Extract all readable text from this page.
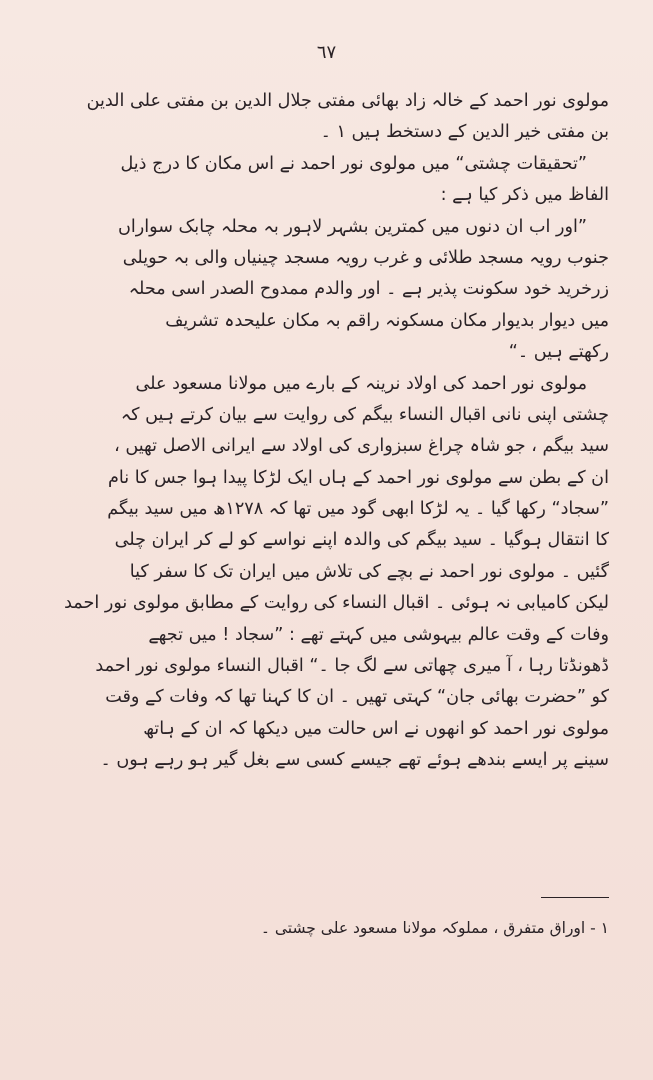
٦٧
مولوی نور احمد کے خالہ زاد بھائی مفتی جلال الدین بن مفتی علی الدین
بن مفتی خیر الدین کے دستخط ہیں ۱ ۔
”تحقیقات چشتی“ میں مولوی نور احمد نے اس مکان کا درج ذیل
الفاظ میں ذکر کیا ہے :
”اور اب ان دنوں میں کمترین بشہر لاہور بہ محلہ چابک سواراں
جنوب رویہ مسجد طلائی و غرب رویہ مسجد چینیاں والی بہ حویلی
زرخرید خود سکونت پذیر ہے ۔ اور والدم ممدوح الصدر اسی محلہ
میں دیوار بدیوار مکان مسکونہ راقم بہ مکان علیحدہ تشریف
رکھتے ہیں ۔“
مولوی نور احمد کی اولاد نرینہ کے بارے میں مولانا مسعود علی
چشتی اپنی نانی اقبال النساء بیگم کی روایت سے بیان کرتے ہیں کہ
سید بیگم ، جو شاہ چراغ سبزواری کی اولاد سے ایرانی الاصل تھیں ،
ان کے بطن سے مولوی نور احمد کے ہاں ایک لڑکا پیدا ہوا جس کا نام
”سجاد“ رکھا گیا ۔ یہ لڑکا ابھی گود میں تھا کہ ۱۲۷۸ھ میں سید بیگم
کا انتقال ہوگیا ۔ سید بیگم کی والدہ اپنے نواسے کو لے کر ایران چلی
گئیں ۔ مولوی نور احمد نے بچے کی تلاش میں ایران تک کا سفر کیا
لیکن کامیابی نہ ہوئی ۔ اقبال النساء کی روایت کے مطابق مولوی نور احمد
وفات کے وقت عالم بیہوشی میں کہتے تھے : ”سجاد ! میں تجھے
ڈھونڈتا رہا ، آ میری چھاتی سے لگ جا ۔“ اقبال النساء مولوی نور احمد
کو ”حضرت بھائی جان“ کہتی تھیں ۔ ان کا کہنا تھا کہ وفات کے وقت
مولوی نور احمد کو انھوں نے اس حالت میں دیکھا کہ ان کے ہاتھ
سینے پر ایسے بندھے ہوئے تھے جیسے کسی سے بغل گیر ہو رہے ہوں ۔
۱ - اوراق متفرق ، مملوکہ مولانا مسعود علی چشتی ۔
